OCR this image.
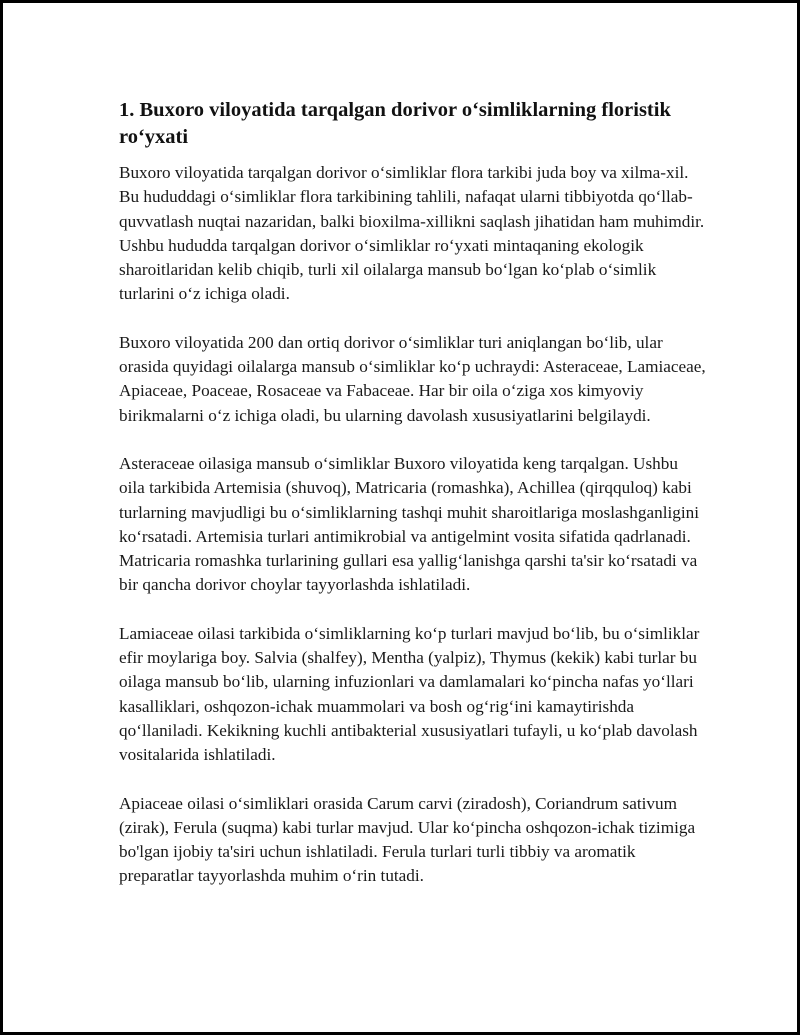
1. Buxoro viloyatida tarqalgan dorivor o‘simliklarning floristik ro‘yxati

Buxoro viloyatida tarqalgan dorivor o‘simliklar flora tarkibi juda boy va xilma-xil. Bu hududdagi o‘simliklar flora tarkibining tahlili, nafaqat ularni tibbiyotda qo‘llab-quvvatlash nuqtai nazaridan, balki bioxilma-xillikni saqlash jihatidan ham muhimdir. Ushbu hududda tarqalgan dorivor o‘simliklar ro‘yxati mintaqaning ekologik sharoitlaridan kelib chiqib, turli xil oilalarga mansub bo‘lgan ko‘plab o‘simlik turlarini o‘z ichiga oladi.

Buxoro viloyatida 200 dan ortiq dorivor o‘simliklar turi aniqlangan bo‘lib, ular orasida quyidagi oilalarga mansub o‘simliklar ko‘p uchraydi: Asteraceae, Lamiaceae, Apiaceae, Poaceae, Rosaceae va Fabaceae. Har bir oila o‘ziga xos kimyoviy birikmalarni o‘z ichiga oladi, bu ularning davolash xususiyatlarini belgilaydi.

Asteraceae oilasiga mansub o‘simliklar Buxoro viloyatida keng tarqalgan. Ushbu oila tarkibida Artemisia (shuvoq), Matricaria (romashka), Achillea (qirqquloq) kabi turlarning mavjudligi bu o‘simliklarning tashqi muhit sharoitlariga moslashganligini ko‘rsatadi. Artemisia turlari antimikrobial va antigelmint vosita sifatida qadrlanadi. Matricaria romashka turlarining gullari esa yallig‘lanishga qarshi ta'sir ko‘rsatadi va bir qancha dorivor choylar tayyorlashda ishlatiladi.

Lamiaceae oilasi tarkibida o‘simliklarning ko‘p turlari mavjud bo‘lib, bu o‘simliklar efir moylariga boy. Salvia (shalfey), Mentha (yalpiz), Thymus (kekik) kabi turlar bu oilaga mansub bo‘lib, ularning infuzionlari va damlamalari ko‘pincha nafas yo‘llari kasalliklari, oshqozon-ichak muammolari va bosh og‘rig‘ini kamaytirishda qo‘llaniladi. Kekikning kuchli antibakterial xususiyatlari tufayli, u ko‘plab davolash vositalarida ishlatiladi.

Apiaceae oilasi o‘simliklari orasida Carum carvi (ziradosh), Coriandrum sativum (zirak), Ferula (suqma) kabi turlar mavjud. Ular ko‘pincha oshqozon-ichak tizimiga bo'lgan ijobiy ta'siri uchun ishlatiladi. Ferula turlari turli tibbiy va aromatik preparatlar tayyorlashda muhim o‘rin tutadi.
